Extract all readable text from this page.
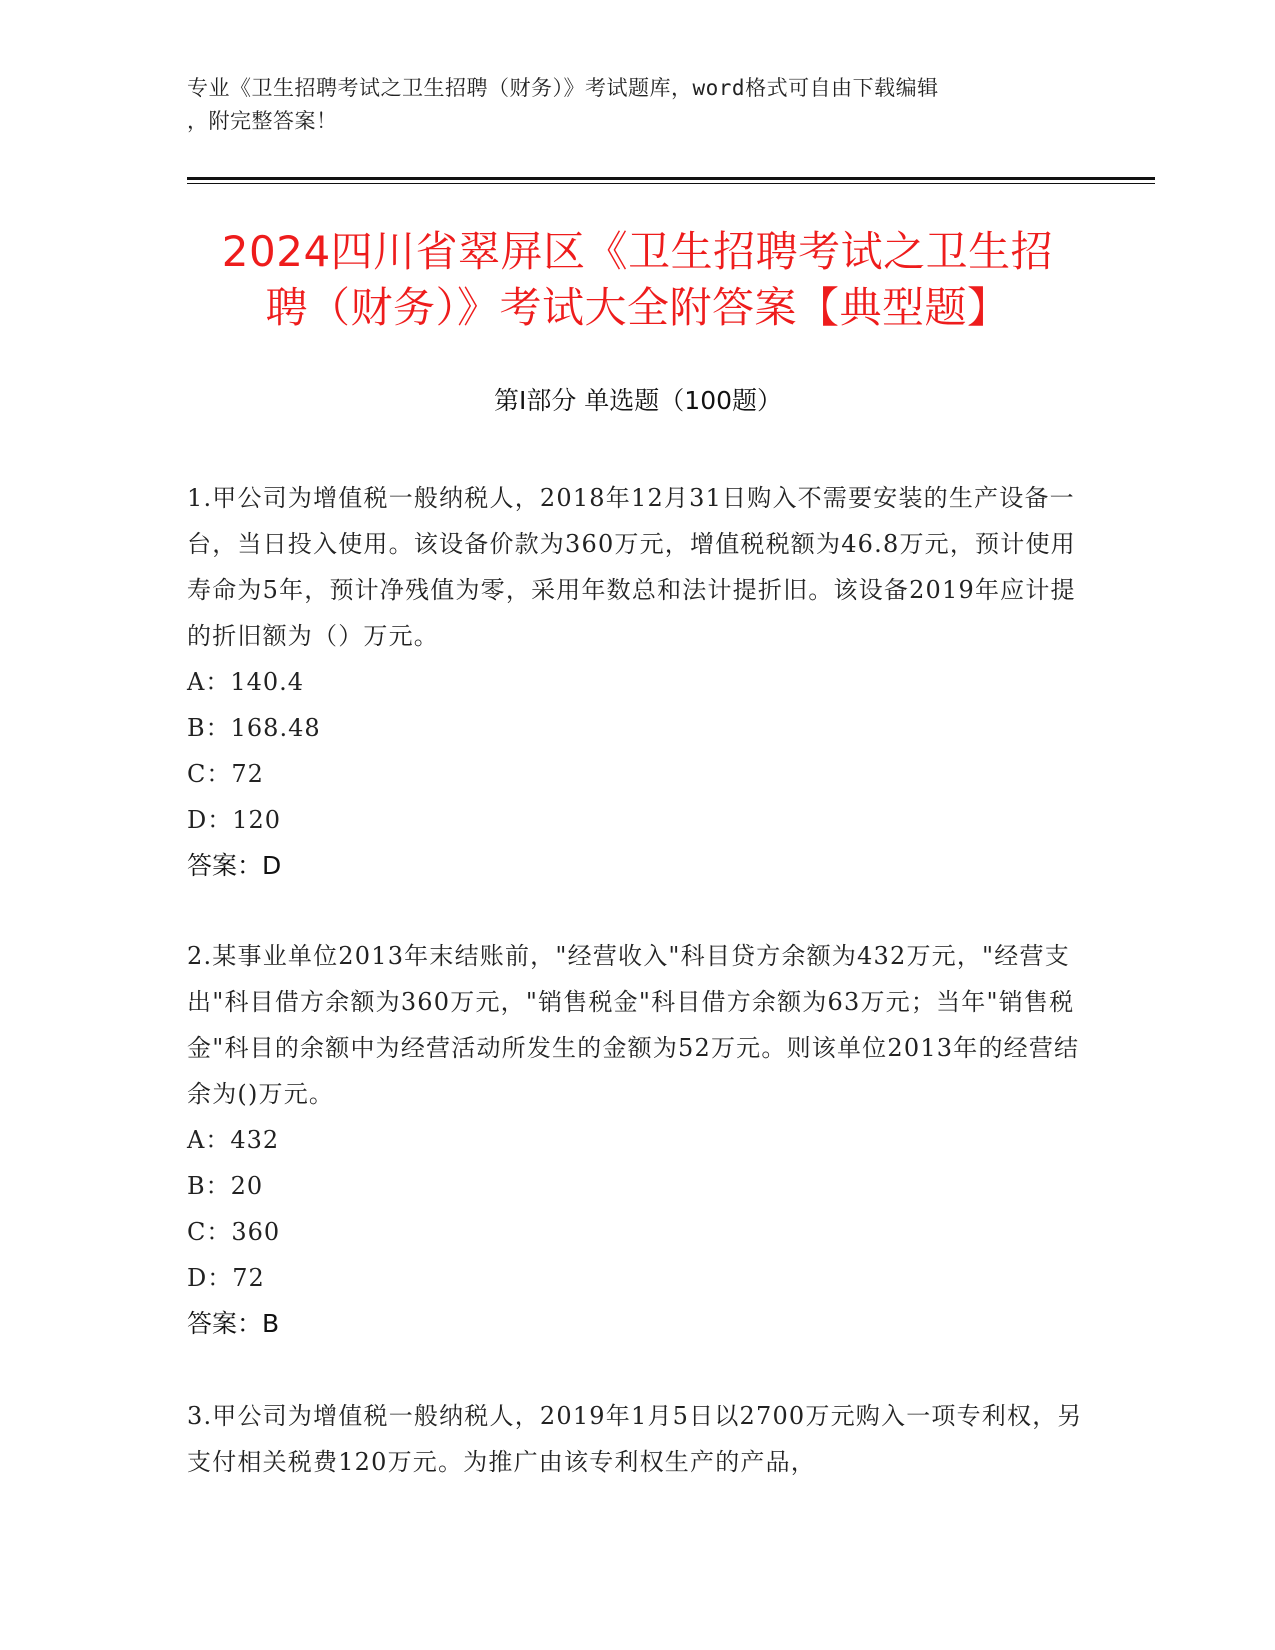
专业《卫生招聘考试之卫生招聘（财务）》考试题库，word格式可自由下载编辑
，附完整答案！
2024四川省翠屏区《卫生招聘考试之卫生招
聘（财务）》考试大全附答案【典型题】
第Ⅰ部分 单选题（100题）
1.甲公司为增值税一般纳税人，2018年12月31日购入不需要安装的生产设备一台，当日投入使用。该设备价款为360万元，增值税税额为46.8万元，预计使用寿命为5年，预计净残值为零，采用年数总和法计提折旧。该设备2019年应计提的折旧额为（）万元。
A：140.4
B：168.48
C：72
D：120
答案：D
2.某事业单位2013年末结账前，"经营收入"科目贷方余额为432万元，"经营支出"科目借方余额为360万元，"销售税金"科目借方余额为63万元；当年"销售税金"科目的余额中为经营活动所发生的金额为52万元。则该单位2013年的经营结余为()万元。
A：432
B：20
C：360
D：72
答案：B
3.甲公司为增值税一般纳税人，2019年1月5日以2700万元购入一项专利权，另支付相关税费120万元。为推广由该专利权生产的产品，
